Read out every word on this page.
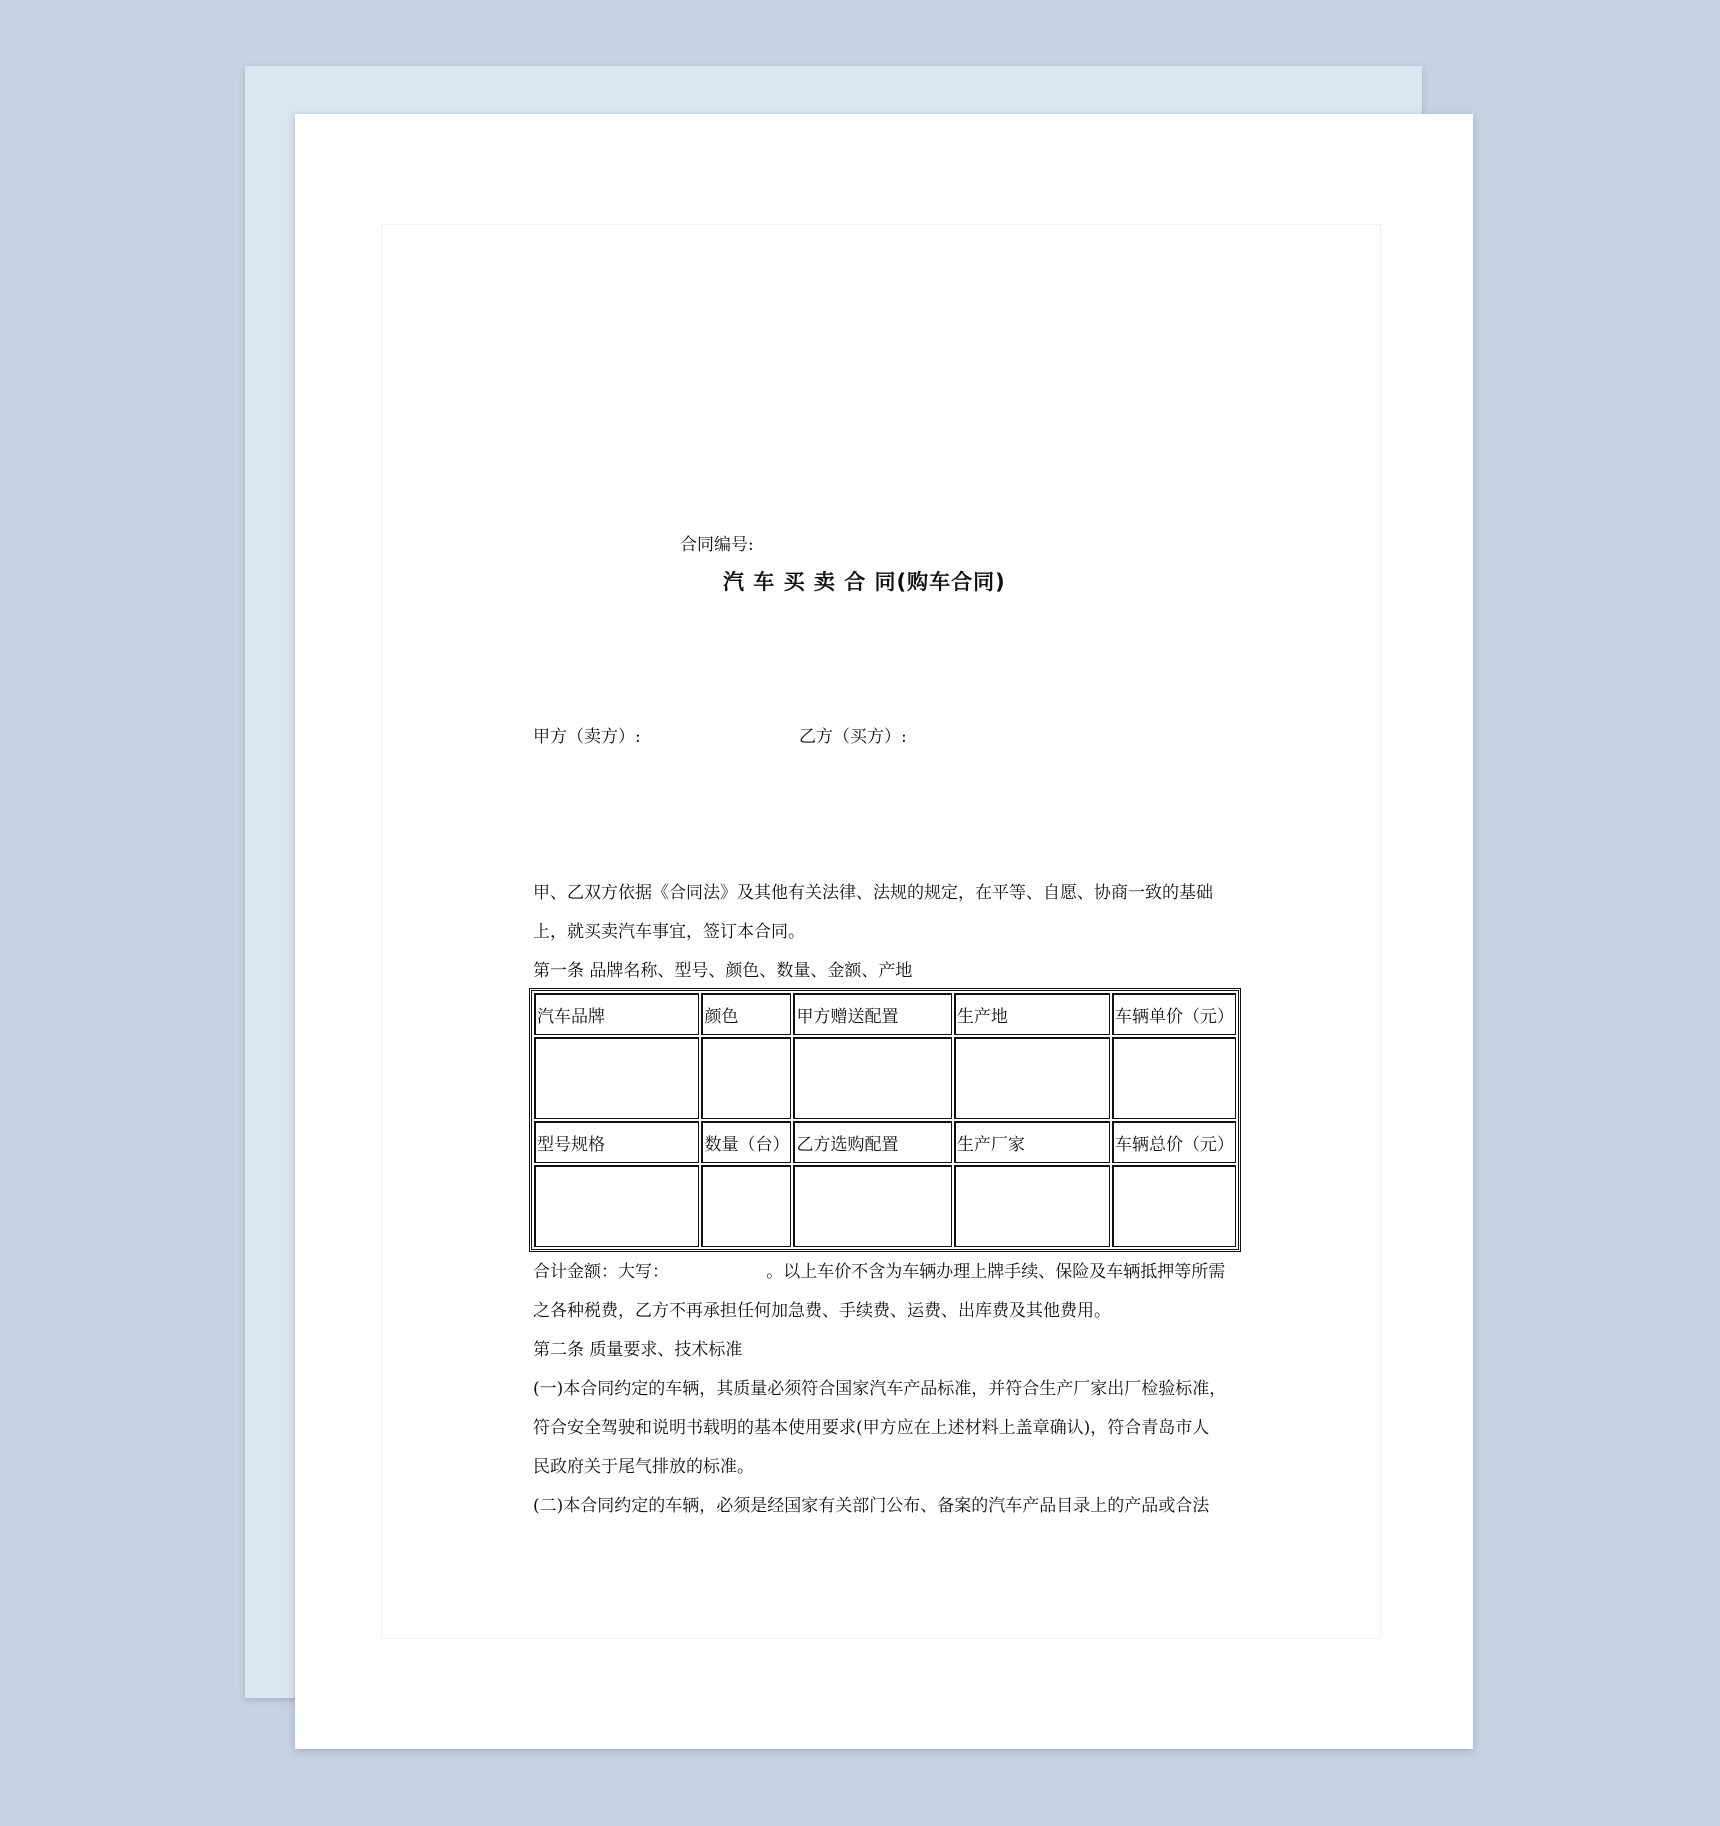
合同编号:
汽 车 买 卖 合 同(购车合同)
甲方（卖方）:	乙方（买方）:
甲、乙双方依据《合同法》及其他有关法律、法规的规定，在平等、自愿、协商一致的基础
上，就买卖汽车事宜，签订本合同。
第一条 品牌名称、型号、颜色、数量、金额、产地
汽车品牌	颜色	甲方赠送配置	生产地	车辆单价（元）

型号规格	数量（台）	乙方选购配置	生产厂家	车辆总价（元）

合计金额：大写：                  。以上车价不含为车辆办理上牌手续、保险及车辆抵押等所需
之各种税费，乙方不再承担任何加急费、手续费、运费、出库费及其他费用。
第二条 质量要求、技术标准
(一)本合同约定的车辆，其质量必须符合国家汽车产品标准，并符合生产厂家出厂检验标准，
符合安全驾驶和说明书载明的基本使用要求(甲方应在上述材料上盖章确认)，符合青岛市人
民政府关于尾气排放的标准。
(二)本合同约定的车辆，必须是经国家有关部门公布、备案的汽车产品目录上的产品或合法
